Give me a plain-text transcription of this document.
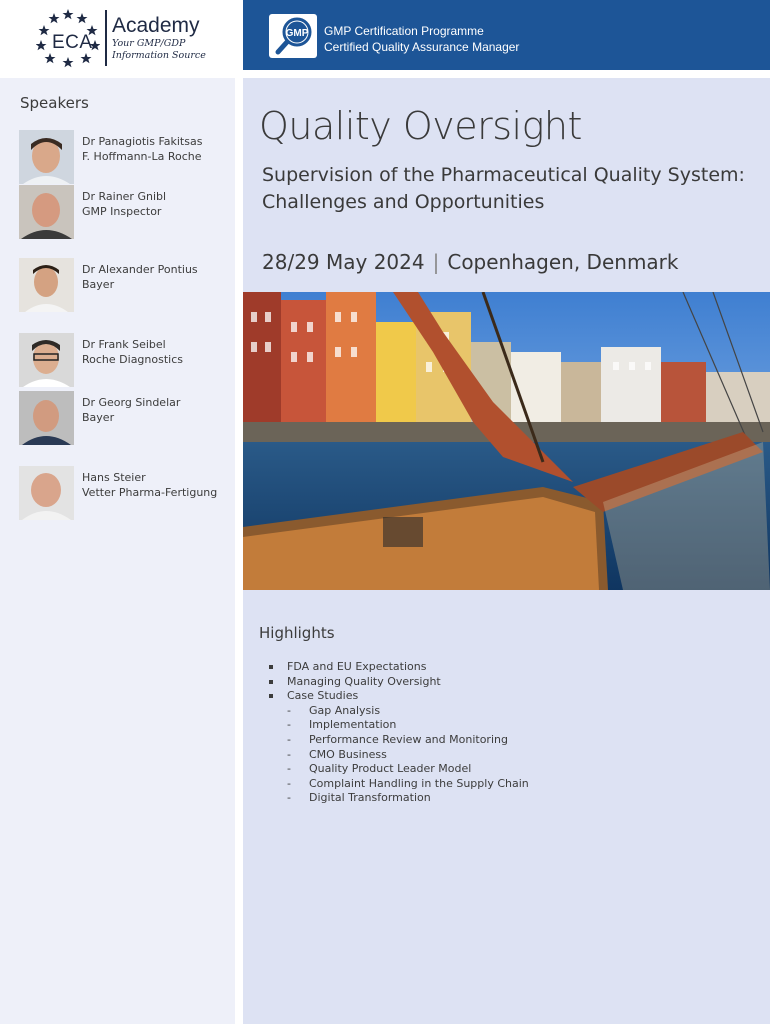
ECA
Academy
Your GMP/GDP
Information Source
GMP GMP Certification Programme
Certified Quality Assurance Manager
Speakers
Dr Panagiotis Fakitsas
F. Hoffmann-La Roche
Dr Rainer Gnibl
GMP Inspector
Dr Alexander Pontius
Bayer
Dr Frank Seibel
Roche Diagnostics
Dr Georg Sindelar
Bayer
Hans Steier
Vetter Pharma-Fertigung
Quality Oversight
Supervision of the Pharmaceutical Quality System:
Challenges and Opportunities
28/29 May 2024 | Copenhagen, Denmark
Highlights
FDA and EU Expectations
Managing Quality Oversight
Case Studies
- Gap Analysis
- Implementation
- Performance Review and Monitoring
- CMO Business
- Quality Product Leader Model
- Complaint Handling in the Supply Chain
- Digital Transformation
